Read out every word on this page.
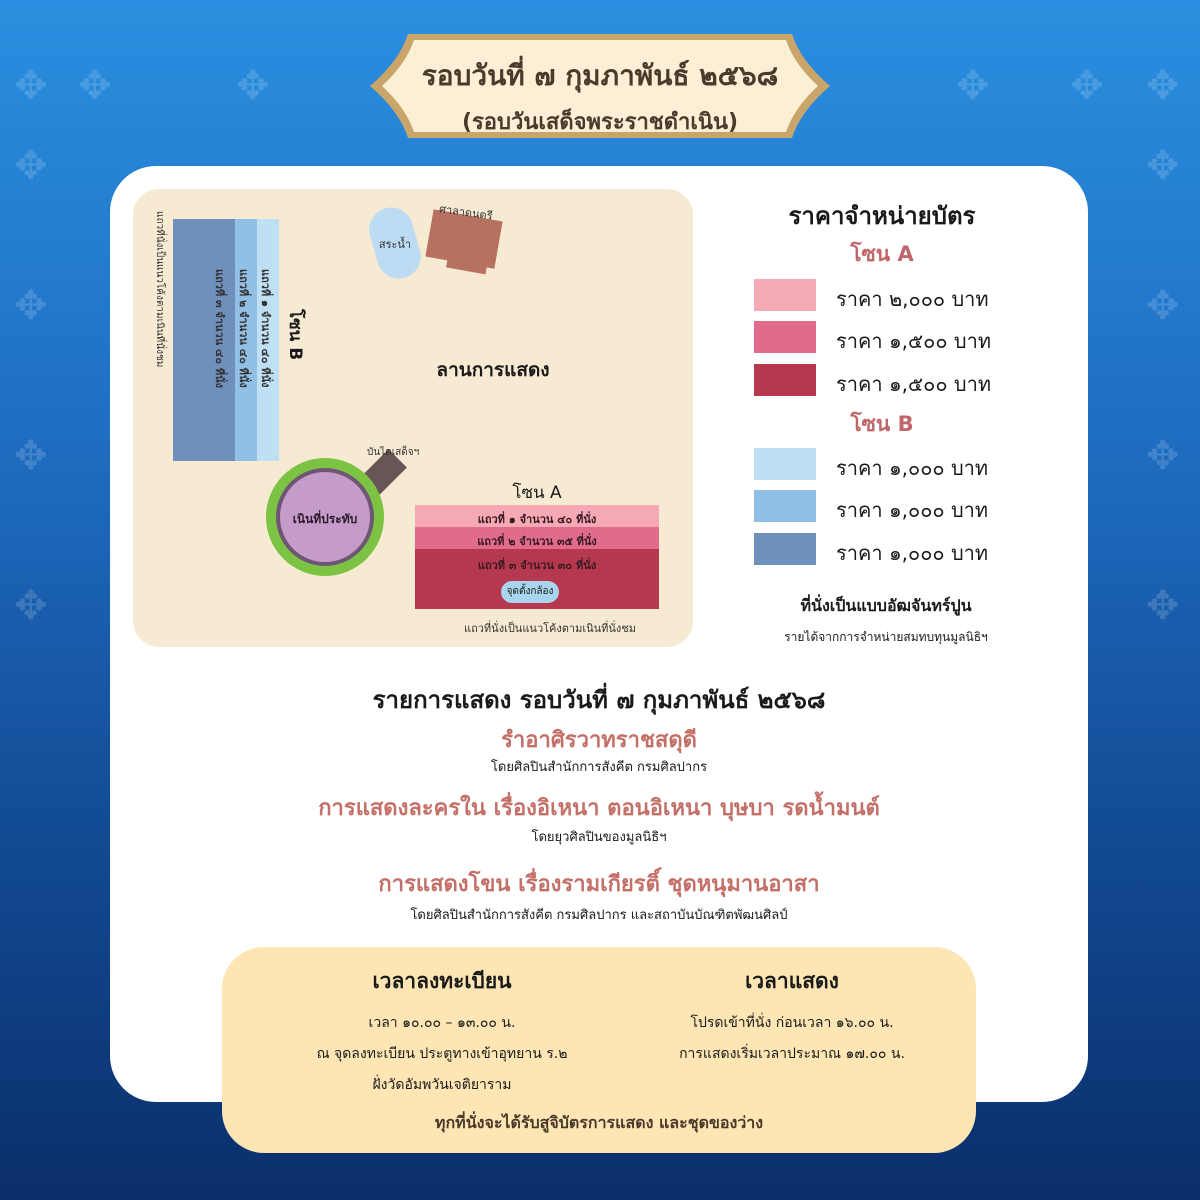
✥
✥
✥
✥
✥
✥	✥	✥
✥
✥
✥
✥
✥ ✥
รอบวันที่ ๗ กุมภาพันธ์ ๒๕๖๘
(รอบวันเสด็จพระราชดำเนิน)
แถวที่นั่งเป็นแนวโค้งตามเนินที่นั่งชม	แถวที่ ๓ จำนวน ๔๐ ที่นั่ง แถวที่ ๒ จำนวน ๔๐ ที่นั่ง แถวที่ ๑ จำนวน ๔๐ ที่นั่ง โซน B
สระน้ำ
ศาลาดนตรี
ลานการแสดง
บันไดเสด็จฯ
เนินที่ประทับ
โซน A
แถวที่ ๑ จำนวน ๔๐ ที่นั่ง
แถวที่ ๒ จำนวน ๓๕ ที่นั่ง
แถวที่ ๓ จำนวน ๓๐ ที่นั่ง
จุดตั้งกล้อง
แถวที่นั่งเป็นแนวโค้งตามเนินที่นั่งชม
ราคาจำหน่ายบัตร
โซน A
ราคา ๒,๐๐๐ บาท
ราคา ๑,๕๐๐ บาท
ราคา ๑,๕๐๐ บาท
โซน B
ราคา ๑,๐๐๐ บาท
ราคา ๑,๐๐๐ บาท
ราคา ๑,๐๐๐ บาท
ที่นั่งเป็นแบบอัฒจันทร์ปูน
รายได้จากการจำหน่ายสมทบทุนมูลนิธิฯ
รายการแสดง รอบวันที่ ๗ กุมภาพันธ์ ๒๕๖๘
รำอาศิรวาทราชสดุดี
โดยศิลปินสำนักการสังคีต กรมศิลปากร
การแสดงละครใน เรื่องอิเหนา ตอนอิเหนา บุษบา รดน้ำมนต์
โดยยุวศิลปินของมูลนิธิฯ
การแสดงโขน เรื่องรามเกียรติ์ ชุดหนุมานอาสา
โดยศิลปินสำนักการสังคีต กรมศิลปากร และสถาบันบัณฑิตพัฒนศิลป์
เวลาลงทะเบียน
เวลา ๑๐.๐๐ – ๑๓.๐๐ น.
ณ จุดลงทะเบียน ประตูทางเข้าอุทยาน ร.๒
ฝั่งวัดอัมพวันเจติยาราม
เวลาแสดง
โปรดเข้าที่นั่ง ก่อนเวลา ๑๖.๐๐ น.
การแสดงเริ่มเวลาประมาณ ๑๗.๐๐ น.
ทุกที่นั่งจะได้รับสูจิบัตรการแสดง และชุดของว่าง
